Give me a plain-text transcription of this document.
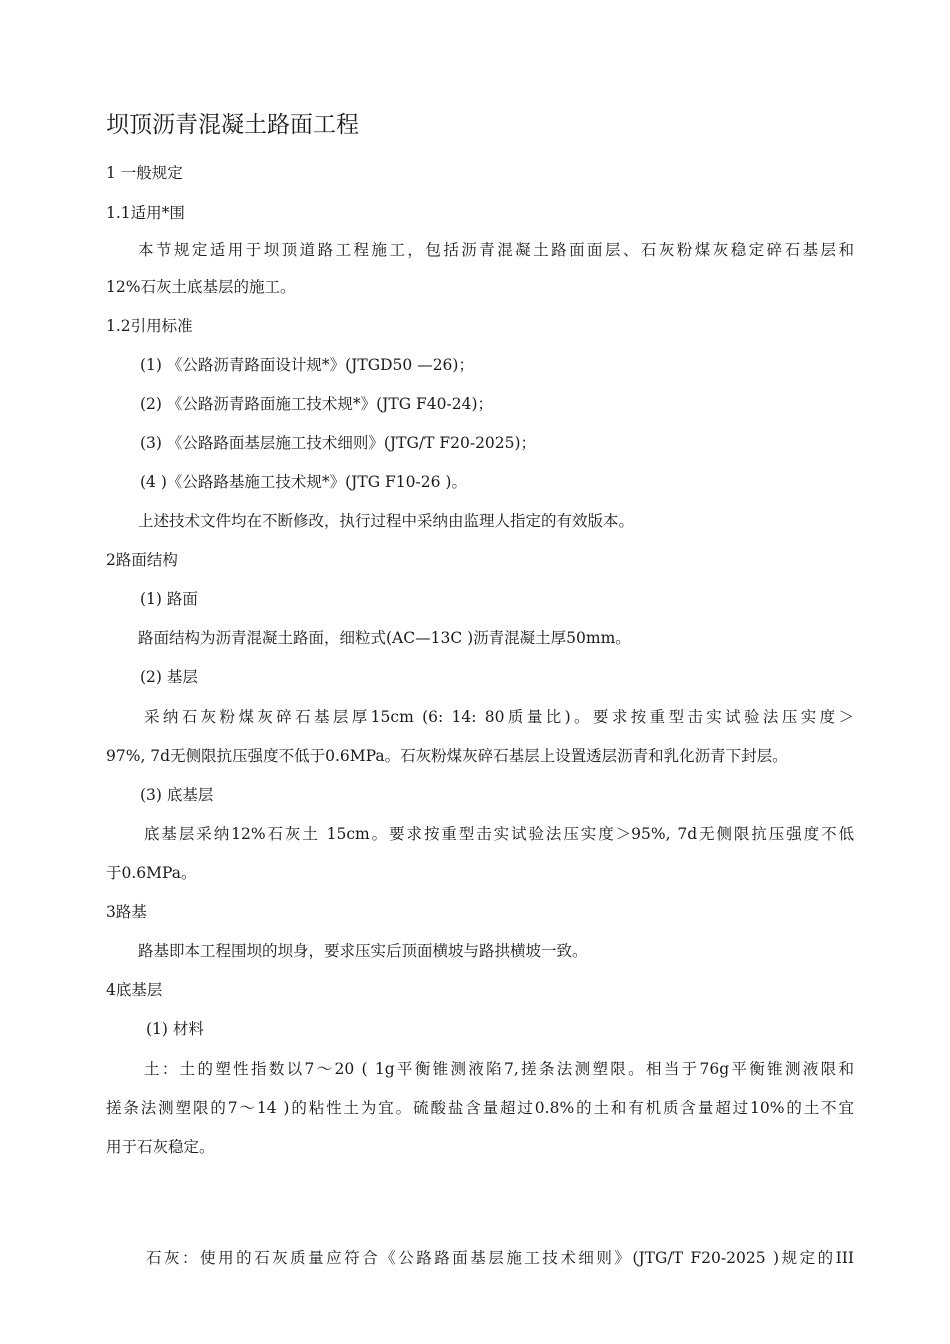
坝顶沥青混凝土路面工程
1 一般规定
1.1适用*围
本节规定适用于坝顶道路工程施工，包括沥青混凝土路面面层、石灰粉煤灰稳定碎石基层和
12%石灰土底基层的施工。
1.2引用标准
(1) 《公路沥青路面设计规*》(JTGD50 —26)；
(2) 《公路沥青路面施工技术规*》(JTG F40-24)；
(3) 《公路路面基层施工技术细则》(JTG/T F20-2025)；
(4 )《公路路基施工技术规*》(JTG F10-26 )。
上述技术文件均在不断修改，执行过程中采纳由监理人指定的有效版本。
2路面结构
(1) 路面
路面结构为沥青混凝土路面，细粒式(AC—13C )沥青混凝土厚50mm。
(2) 基层
采纳石灰粉煤灰碎石基层厚15cm (6: 14: 80质量比)。要求按重型击实试验法压实度＞
97%, 7d无侧限抗压强度不低于0.6MPa。石灰粉煤灰碎石基层上设置透层沥青和乳化沥青下封层。
(3) 底基层
底基层采纳12%石灰土 15cm。要求按重型击实试验法压实度＞95%, 7d无侧限抗压强度不低
于0.6MPa。
3路基
路基即本工程围坝的坝身，要求压实后顶面横坡与路拱横坡一致。
4底基层
(1) 材料
土：土的塑性指数以7〜20 ( 1g平衡锥测液陷7,搓条法测塑限。相当于76g平衡锥测液限和
搓条法测塑限的7〜14 )的粘性土为宜。硫酸盐含量超过0.8%的土和有机质含量超过10%的土不宜
用于石灰稳定。
石灰：使用的石灰质量应符合《公路路面基层施工技术细则》(JTG/T F20-2025 )规定的III
